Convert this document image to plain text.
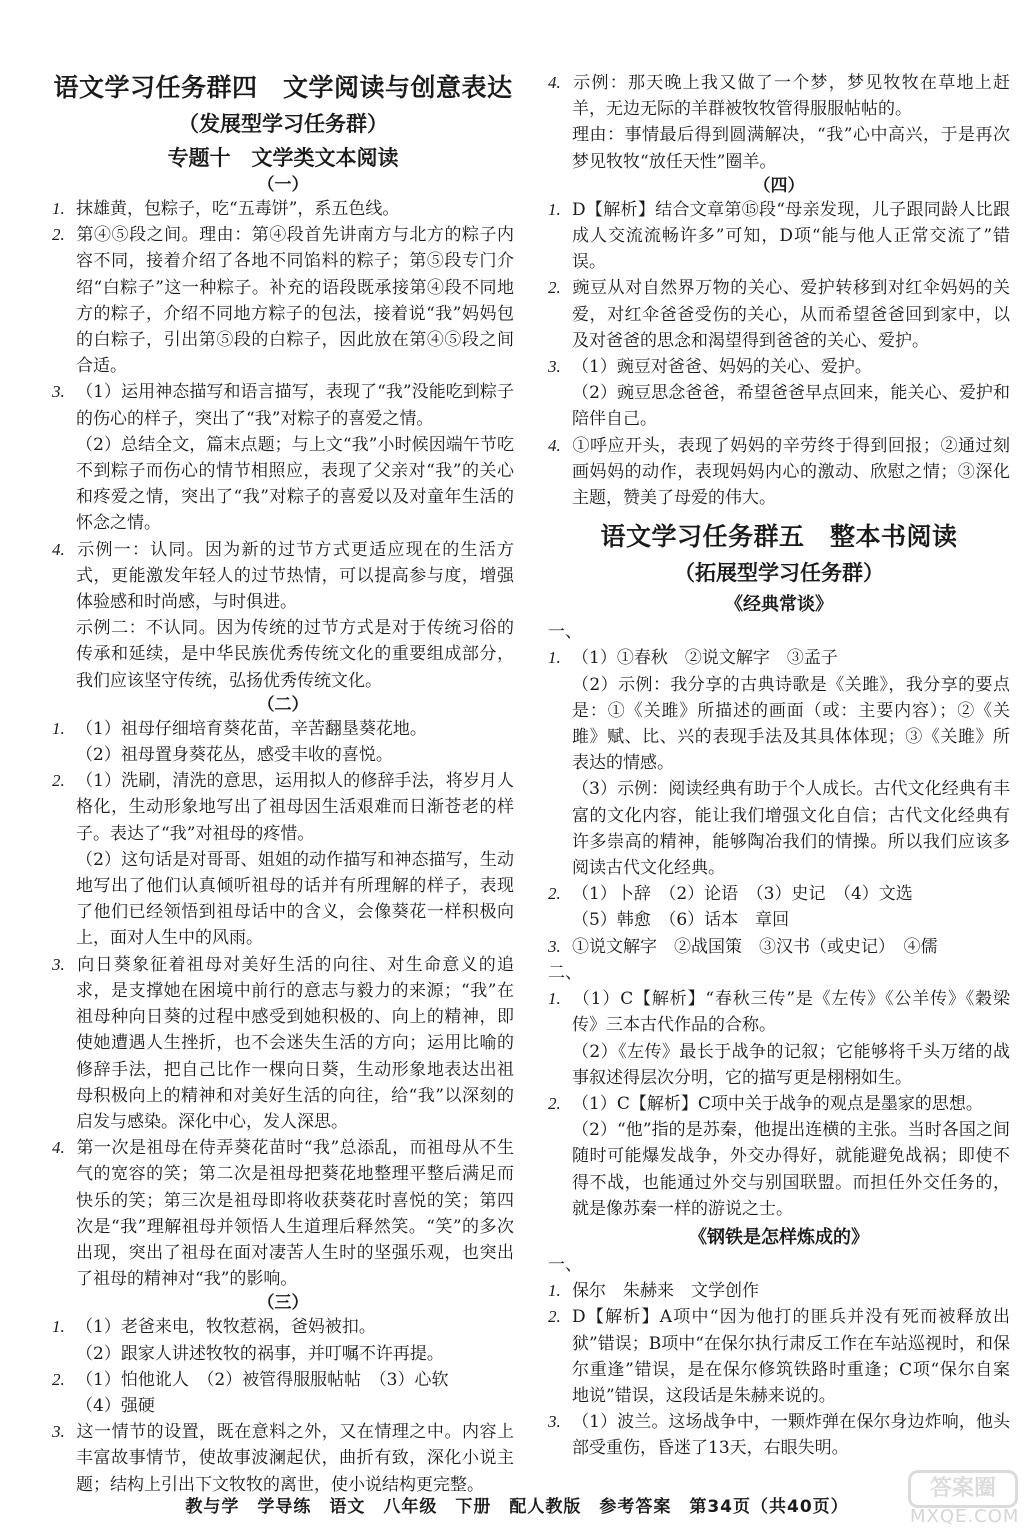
语文学习任务群四　文学阅读与创意表达
（发展型学习任务群）
专题十　文学类文本阅读
（一）
1. 抹雄黄，包粽子，吃“五毒饼”，系五色线。
2. 第④⑤段之间。理由：第④段首先讲南方与北方的粽子内容不同，接着介绍了各地不同馅料的粽子；第⑤段专门介绍“白粽子”这一种粽子。补充的语段既承接第④段不同地方的粽子，介绍不同地方粽子的包法，接着说“我”妈妈包的白粽子，引出第⑤段的白粽子，因此放在第④⑤段之间合适。
3. （1）运用神态描写和语言描写，表现了“我”没能吃到粽子的伤心的样子，突出了“我”对粽子的喜爱之情。
（2）总结全文，篇末点题；与上文“我”小时候因端午节吃不到粽子而伤心的情节相照应，表现了父亲对“我”的关心和疼爱之情，突出了“我”对粽子的喜爱以及对童年生活的怀念之情。
4. 示例一：认同。因为新的过节方式更适应现在的生活方式，更能激发年轻人的过节热情，可以提高参与度，增强体验感和时尚感，与时俱进。
示例二：不认同。因为传统的过节方式是对于传统习俗的传承和延续，是中华民族优秀传统文化的重要组成部分，我们应该坚守传统，弘扬优秀传统文化。
（二）
1. （1）祖母仔细培育葵花苗，辛苦翻垦葵花地。
（2）祖母置身葵花丛，感受丰收的喜悦。
2. （1）洗刷，清洗的意思，运用拟人的修辞手法，将岁月人格化，生动形象地写出了祖母因生活艰难而日渐苍老的样子。表达了“我”对祖母的疼惜。
（2）这句话是对哥哥、姐姐的动作描写和神态描写，生动地写出了他们认真倾听祖母的话并有所理解的样子，表现了他们已经领悟到祖母话中的含义，会像葵花一样积极向上，面对人生中的风雨。
3. 向日葵象征着祖母对美好生活的向往、对生命意义的追求，是支撑她在困境中前行的意志与毅力的来源；“我”在祖母种向日葵的过程中感受到她积极的、向上的精神，即使她遭遇人生挫折，也不会迷失生活的方向；运用比喻的修辞手法，把自己比作一棵向日葵，生动形象地表达出祖母积极向上的精神和对美好生活的向往，给“我”以深刻的启发与感染。深化中心，发人深思。
4. 第一次是祖母在侍弄葵花苗时“我”总添乱，而祖母从不生气的宽容的笑；第二次是祖母把葵花地整理平整后满足而快乐的笑；第三次是祖母即将收获葵花时喜悦的笑；第四次是“我”理解祖母并领悟人生道理后释然笑。“笑”的多次出现，突出了祖母在面对凄苦人生时的坚强乐观，也突出了祖母的精神对“我”的影响。
（三）
1. （1）老爸来电，牧牧惹祸，爸妈被扣。
（2）跟家人讲述牧牧的祸事，并叮嘱不许再提。
2. （1）怕他讹人　（2）被管得服服帖帖　（3）心软
（4）强硬
3. 这一情节的设置，既在意料之外，又在情理之中。内容上丰富故事情节，使故事波澜起伏，曲折有致，深化小说主题；结构上引出下文牧牧的离世，使小说结构更完整。
4. 示例：那天晚上我又做了一个梦，梦见牧牧在草地上赶羊，无边无际的羊群被牧牧管得服服帖帖的。
理由：事情最后得到圆满解决，“我”心中高兴，于是再次梦见牧牧“放任天性”圈羊。
（四）
1. D【解析】结合文章第⑮段“母亲发现，儿子跟同龄人比跟成人交流流畅许多”可知，D项“能与他人正常交流了”错误。
2. 豌豆从对自然界万物的关心、爱护转移到对红伞妈妈的关爱，对红伞爸爸受伤的关心，从而希望爸爸回到家中，以及对爸爸的思念和渴望得到爸爸的关心、爱护。
3. （1）豌豆对爸爸、妈妈的关心、爱护。
（2）豌豆思念爸爸，希望爸爸早点回来，能关心、爱护和陪伴自己。
4. ①呼应开头，表现了妈妈的辛劳终于得到回报；②通过刻画妈妈的动作，表现妈妈内心的激动、欣慰之情；③深化主题，赞美了母爱的伟大。
语文学习任务群五　整本书阅读
（拓展型学习任务群）
《经典常谈》
一、
1. （1）①春秋　②说文解字　③孟子
（2）示例：我分享的古典诗歌是《关雎》，我分享的要点是：①《关雎》所描述的画面（或：主要内容）；②《关雎》赋、比、兴的表现手法及其具体体现；③《关雎》所表达的情感。
（3）示例：阅读经典有助于个人成长。古代文化经典有丰富的文化内容，能让我们增强文化自信；古代文化经典有许多崇高的精神，能够陶冶我们的情操。所以我们应该多阅读古代文化经典。
2. （1）卜辞　（2）论语　（3）史记　（4）文选
（5）韩愈　（6）话本　章回
3. ①说文解字　②战国策　③汉书（或史记）　④儒
二、
1. （1）C【解析】“春秋三传”是《左传》《公羊传》《穀梁传》三本古代作品的合称。
（2）《左传》最长于战争的记叙；它能够将千头万绪的战事叙述得层次分明，它的描写更是栩栩如生。
2. （1）C【解析】C项中关于战争的观点是墨家的思想。
（2）“他”指的是苏秦，他提出连横的主张。当时各国之间随时可能爆发战争，外交办得好，就能避免战祸；即使不得不战，也能通过外交与别国联盟。而担任外交任务的，就是像苏秦一样的游说之士。
《钢铁是怎样炼成的》
一、
1. 保尔　朱赫来　文学创作
2. D【解析】A项中“因为他打的匪兵并没有死而被释放出狱”错误；B项中“在保尔执行肃反工作在车站巡视时，和保尔重逢”错误，是在保尔修筑铁路时重逢；C项“保尔自案地说”错误，这段话是朱赫来说的。
3. （1）波兰。这场战争中，一颗炸弹在保尔身边炸响，他头部受重伤，昏迷了13天，右眼失明。
教与学　学导练　语文　八年级　下册　配人教版　参考答案　第34页（共40页）
答案圈
MXQE.COM
